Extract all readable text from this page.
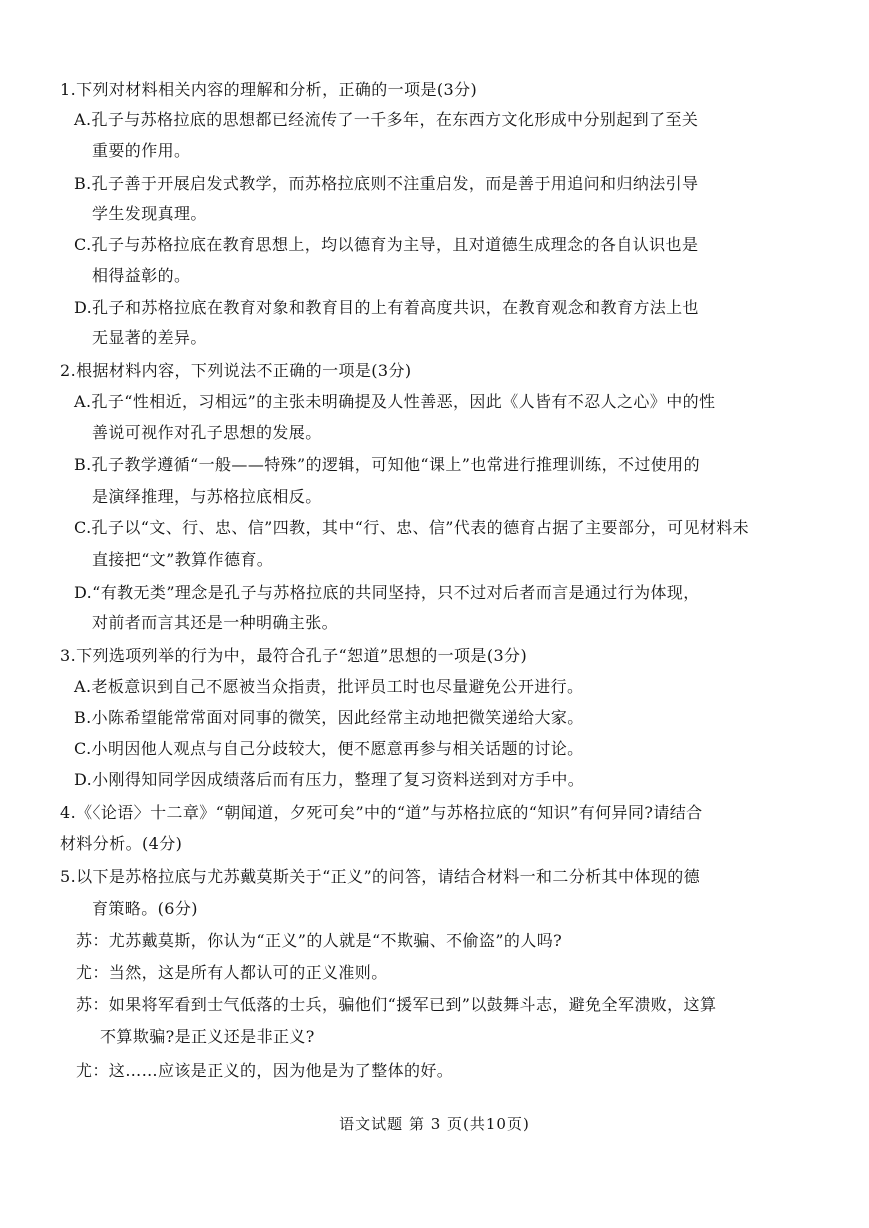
1.下列对材料相关内容的理解和分析，正确的一项是(3分)
A.孔子与苏格拉底的思想都已经流传了一千多年，在东西方文化形成中分别起到了至关
重要的作用。
B.孔子善于开展启发式教学，而苏格拉底则不注重启发，而是善于用追问和归纳法引导
学生发现真理。
C.孔子与苏格拉底在教育思想上，均以德育为主导，且对道德生成理念的各自认识也是
相得益彰的。
D.孔子和苏格拉底在教育对象和教育目的上有着高度共识，在教育观念和教育方法上也
无显著的差异。
2.根据材料内容，下列说法不正确的一项是(3分)
A.孔子“性相近，习相远”的主张未明确提及人性善恶，因此《人皆有不忍人之心》中的性
善说可视作对孔子思想的发展。
B.孔子教学遵循“一般——特殊”的逻辑，可知他“课上”也常进行推理训练，不过使用的
是演绎推理，与苏格拉底相反。
C.孔子以“文、行、忠、信”四教，其中“行、忠、信”代表的德育占据了主要部分，可见材料未
直接把“文”教算作德育。
D.“有教无类”理念是孔子与苏格拉底的共同坚持，只不过对后者而言是通过行为体现，
对前者而言其还是一种明确主张。
3.下列选项列举的行为中，最符合孔子“恕道”思想的一项是(3分)
A.老板意识到自己不愿被当众指责，批评员工时也尽量避免公开进行。
B.小陈希望能常常面对同事的微笑，因此经常主动地把微笑递给大家。
C.小明因他人观点与自己分歧较大，便不愿意再参与相关话题的讨论。
D.小刚得知同学因成绩落后而有压力，整理了复习资料送到对方手中。
4.《〈论语〉十二章》“朝闻道，夕死可矣”中的“道”与苏格拉底的“知识”有何异同?请结合
材料分析。(4分)
5.以下是苏格拉底与尤苏戴莫斯关于“正义”的问答，请结合材料一和二分析其中体现的德
育策略。(6分)
苏：尤苏戴莫斯，你认为“正义”的人就是“不欺骗、不偷盗”的人吗?
尤：当然，这是所有人都认可的正义准则。
苏：如果将军看到士气低落的士兵，骗他们“援军已到”以鼓舞斗志，避免全军溃败，这算
不算欺骗?是正义还是非正义?
尤：这……应该是正义的，因为他是为了整体的好。
语文试题 第 3 页(共10页)
